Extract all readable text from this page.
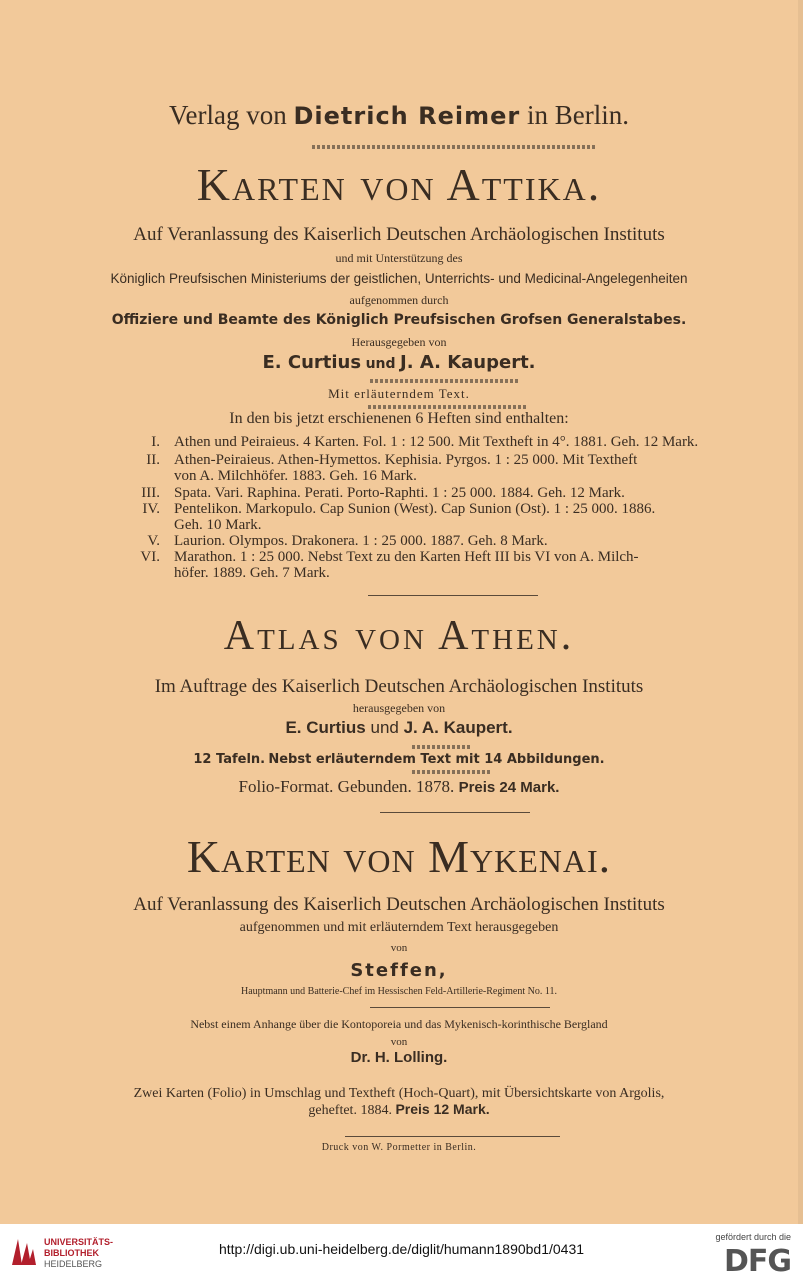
Verlag von Dietrich Reimer in Berlin.
Karten von Attika.
Auf Veranlassung des Kaiserlich Deutschen Archäologischen Instituts
und mit Unterstützung des
Königlich Preufsischen Ministeriums der geistlichen, Unterrichts- und Medicinal-Angelegenheiten
aufgenommen durch
Offiziere und Beamte des Königlich Preufsischen Grofsen Generalstabes.
Herausgegeben von
E. Curtius und J. A. Kaupert.
Mit erläuterndem Text.
In den bis jetzt erschienenen 6 Heften sind enthalten:
I. Athen und Peiraieus. 4 Karten. Fol. 1 : 12 500. Mit Textheft in 4°. 1881. Geh. 12 Mark.
II. Athen-Peiraieus. Athen-Hymettos. Kephisia. Pyrgos. 1 : 25 000. Mit Textheft
von A. Milchhöfer. 1883. Geh. 16 Mark.
III. Spata. Vari. Raphina. Perati. Porto-Raphti. 1 : 25 000. 1884. Geh. 12 Mark.
IV. Pentelikon. Markopulo. Cap Sunion (West). Cap Sunion (Ost). 1 : 25 000. 1886.
Geh. 10 Mark.
V. Laurion. Olympos. Drakonera. 1 : 25 000. 1887. Geh. 8 Mark.
VI. Marathon. 1 : 25 000. Nebst Text zu den Karten Heft III bis VI von A. Milch-
höfer. 1889. Geh. 7 Mark.
Atlas von Athen.
Im Auftrage des Kaiserlich Deutschen Archäologischen Instituts
herausgegeben von
E. Curtius und J. A. Kaupert.
12 Tafeln. Nebst erläuterndem Text mit 14 Abbildungen.
Folio-Format. Gebunden. 1878. Preis 24 Mark.
Karten von Mykenai.
Auf Veranlassung des Kaiserlich Deutschen Archäologischen Instituts
aufgenommen und mit erläuterndem Text herausgegeben
von
Steffen,
Hauptmann und Batterie-Chef im Hessischen Feld-Artillerie-Regiment No. 11.
Nebst einem Anhange über die Kontoporeia und das Mykenisch-korinthische Bergland
von
Dr. H. Lolling.
Zwei Karten (Folio) in Umschlag und Textheft (Hoch-Quart), mit Übersichtskarte von Argolis,
geheftet. 1884. Preis 12 Mark.
Druck von W. Pormetter in Berlin.
UNIVERSITÄTS-
BIBLIOTHEK
HEIDELBERG
http://digi.ub.uni-heidelberg.de/diglit/humann1890bd1/0431
gefördert durch die
DFG
